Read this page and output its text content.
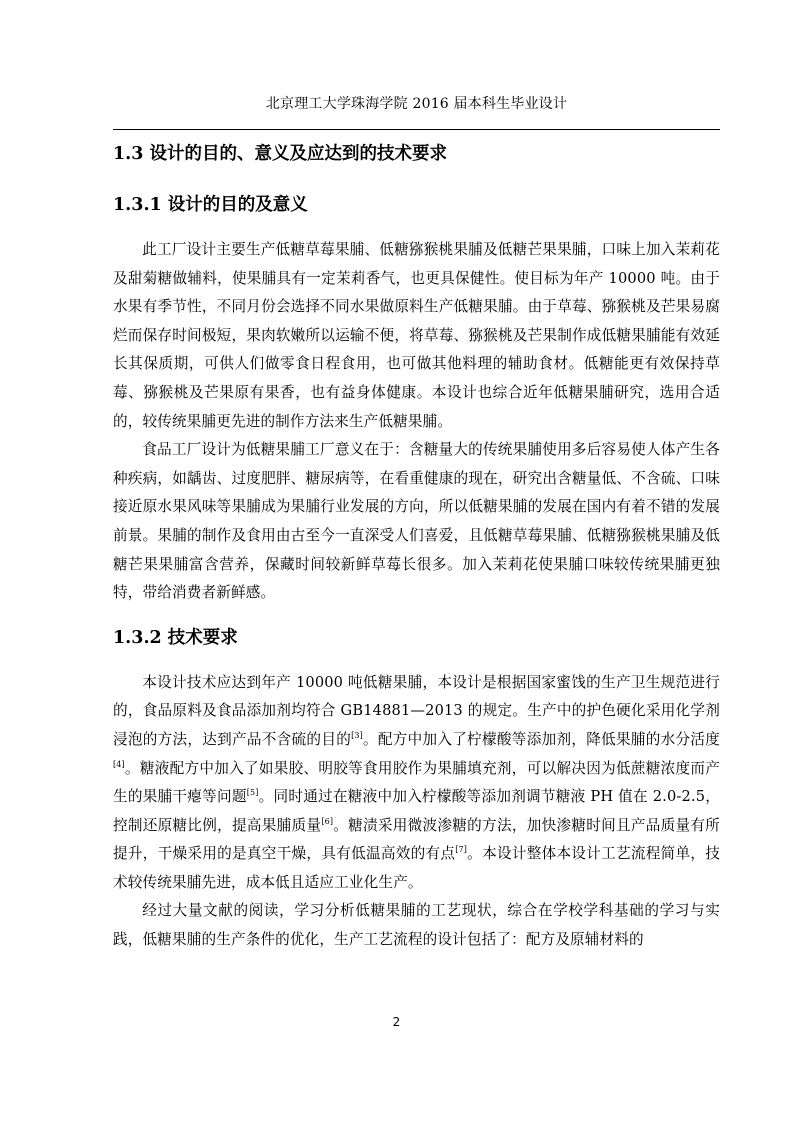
北京理工大学珠海学院 2016 届本科生毕业设计
1.3 设计的目的、意义及应达到的技术要求
1.3.1 设计的目的及意义

此工厂设计主要生产低糖草莓果脯、低糖猕猴桃果脯及低糖芒果果脯，口味上加入茉莉花及甜菊糖做辅料，使果脯具有一定茉莉香气，也更具保健性。使目标为年产 10000 吨。由于水果有季节性，不同月份会选择不同水果做原料生产低糖果脯。由于草莓、猕猴桃及芒果易腐烂而保存时间极短，果肉软嫩所以运输不便，将草莓、猕猴桃及芒果制作成低糖果脯能有效延长其保质期，可供人们做零食日程食用，也可做其他料理的辅助食材。低糖能更有效保持草莓、猕猴桃及芒果原有果香，也有益身体健康。本设计也综合近年低糖果脯研究，选用合适的，较传统果脯更先进的制作方法来生产低糖果脯。

食品工厂设计为低糖果脯工厂意义在于：含糖量大的传统果脯使用多后容易使人体产生各种疾病，如龋齿、过度肥胖、糖尿病等，在看重健康的现在，研究出含糖量低、不含硫、口味接近原水果风味等果脯成为果脯行业发展的方向，所以低糖果脯的发展在国内有着不错的发展前景。果脯的制作及食用由古至今一直深受人们喜爱，且低糖草莓果脯、低糖猕猴桃果脯及低糖芒果果脯富含营养，保藏时间较新鲜草莓长很多。加入茉莉花使果脯口味较传统果脯更独特，带给消费者新鲜感。

1.3.2 技术要求

本设计技术应达到年产 10000 吨低糖果脯，本设计是根据国家蜜饯的生产卫生规范进行的，食品原料及食品添加剂均符合 GB14881—2013 的规定。生产中的护色硬化采用化学剂浸泡的方法，达到产品不含硫的目的[3]。配方中加入了柠檬酸等添加剂，降低果脯的水分活度[4]。糖液配方中加入了如果胶、明胶等食用胶作为果脯填充剂，可以解决因为低蔗糖浓度而产生的果脯干瘪等问题[5]。同时通过在糖液中加入柠檬酸等添加剂调节糖液 PH 值在 2.0-2.5，控制还原糖比例，提高果脯质量[6]。糖渍采用微波渗糖的方法，加快渗糖时间且产品质量有所提升，干燥采用的是真空干燥，具有低温高效的有点[7]。本设计整体本设计工艺流程简单，技术较传统果脯先进，成本低且适应工业化生产。

经过大量文献的阅读，学习分析低糖果脯的工艺现状，综合在学校学科基础的学习与实践，低糖果脯的生产条件的优化，生产工艺流程的设计包括了：配方及原辅材料的

2
